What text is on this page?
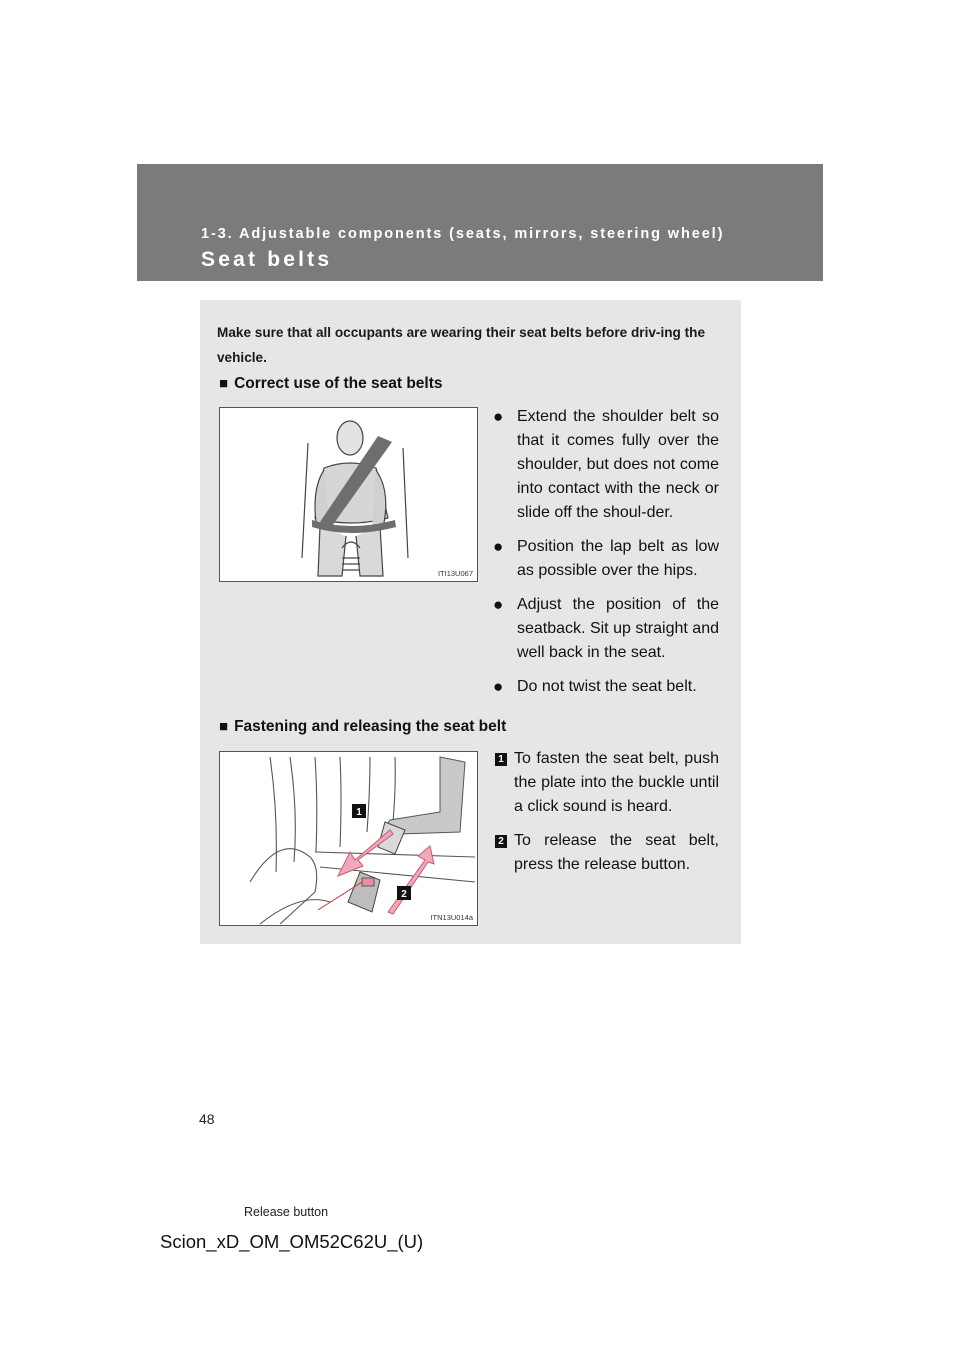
1-3. Adjustable components (seats, mirrors, steering wheel)
Seat belts
Make sure that all occupants are wearing their seat belts before driv-ing the vehicle.
■ Correct use of the seat belts
ITI13U067
● Extend the shoulder belt so that it comes fully over the shoulder, but does not come into contact with the neck or slide off the shoul-der.
● Position the lap belt as low as possible over the hips.
● Adjust the position of the seatback. Sit up straight and well back in the seat.
● Do not twist the seat belt.
■ Fastening and releasing the seat belt
1
2
ITN13U014a
Release button
1 To fasten the seat belt, push the plate into the buckle until a click sound is heard.
2 To release the seat belt, press the release button.
48
Scion_xD_OM_OM52C62U_(U)
